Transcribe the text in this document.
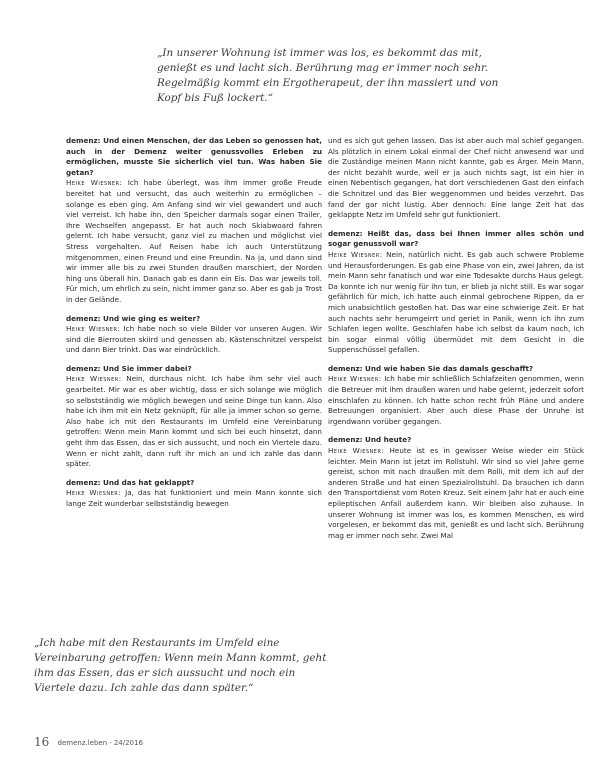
„In unserer Wohnung ist immer was los, es bekommt das mit, genießt es und lacht sich. Berührung mag er immer noch sehr. Regelmäßig kommt ein Ergotherapeut, der ihn massiert und von Kopf bis Fuß lockert.“

demenz: Und einen Menschen, der das Leben so genossen hat, auch in der Demenz weiter genussvolles Erleben zu ermöglichen, musste Sie sicherlich viel tun. Was haben Sie getan?

Heike Wiesner: Ich habe überlegt, was ihm immer große Freude bereitet hat und versucht, das auch weiterhin zu ermöglichen – solange es eben ging. Am Anfang sind wir viel gewandert und auch viel verreist. Ich habe ihn, den Speicher darmals sogar einen Trailer, Ihre Wechselfen angepasst. Er hat auch noch Skiabwoard fahren gelernt. Ich habe versucht, ganz viel zu machen und möglichst viel Stress vorgehalten. Auf Reisen habe ich auch Unterstützung mitgenommen, einen Freund und eine Freundin. Na ja, und dann sind wir immer alle bis zu zwei Stunden draußen marschiert, der Norden hing uns überall hin. Danach gab es dann ein Eis. Das war jeweils toll. Für mich, um ehrlich zu sein, nicht immer ganz so. Aber es gab ja Trost in der Gelände.

demenz: Und wie ging es weiter?

Heike Wiesner: Ich habe noch so viele Bilder vor unseren Augen. Wir sind die Bierrouten skiird und genossen ab. Kästenschnitzel verspeist und dann Bier trinkt. Das war eindrücklich.

demenz: Und Sie immer dabei?

Heike Wiesner: Nein, durchaus nicht. Ich habe ihm sehr viel auch gearbeitet. Mir war es aber wichtig, dass er sich solange wie möglich so selbstständig wie möglich bewegen und seine Dinge tun kann. Also habe ich ihm mit ein Netz geknüpft, für alle ja immer schon so gerne. Also habe ich mit den Restaurants im Umfeld eine Vereinbarung getroffen: Wenn mein Mann kommt und sich bei euch hinsetzt, dann geht ihm das Essen, das er sich aussucht, und noch ein Viertele dazu. Wenn er nicht zahlt, dann ruft ihr mich an und ich zahle das dann später.

demenz: Und das hat geklappt?

Heike Wiesner: Ja, das hat funktioniert und mein Mann konnte sich lange Zeit wunderbar selbstständig bewegen

und es sich gut gehen lassen. Das ist aber auch mal schief gegangen. Als plötzlich in einem Lokal einmal der Chef nicht anwesend war und die Zuständige meinen Mann nicht kannte, gab es Ärger. Mein Mann, der nicht bezahlt wurde, weil er ja auch nichts sagt, ist ein hier in einen Nebentisch gegangen, hat dort verschiedenen Gast den einfach die Schnitzel und das Bier weggenommen und beides verzehrt. Das fand der gar nicht lustig. Aber dennoch: Eine lange Zeit hat das geklappte Netz im Umfeld sehr gut funktioniert.

demenz: Heißt das, dass bei Ihnen immer alles schön und sogar genussvoll war?

Heike Wiesner: Nein, natürlich nicht. Es gab auch schwere Probleme und Herausforderungen. Es gab eine Phase von ein, zwei Jahren, da ist mein Mann sehr fanatisch und war eine Todesakte durchs Haus gelegt. Da konnte ich nur wenig für ihn tun, er blieb ja nicht still. Es war sogar gefährlich für mich, ich hatte auch einmal gebrochene Rippen, da er mich unabsichtlich gestoßen hat. Das war eine schwierige Zeit. Er hat auch nachts sehr herumgeirrt und geriet in Panik, wenn ich ihn zum Schlafen legen wollte. Geschlafen habe ich selbst da kaum noch, ich bin sogar einmal völlig übermüdet mit dem Gesicht in die Suppenschüssel gefallen.

demenz: Und wie haben Sie das damals geschafft?

Heike Wiesner: Ich habe mir schließlich Schlafzeiten genommen, wenn die Betreuer mit ihm draußen waren und habe gelernt, jederzeit sofort einschlafen zu können. Ich hatte schon recht früh Pläne und andere Betreuungen organisiert. Aber auch diese Phase der Unruhe ist irgendwann vorüber gegangen.

demenz: Und heute?

Heike Wiesner: Heute ist es in gewisser Weise wieder ein Stück leichter. Mein Mann ist jetzt im Rollstuhl. Wir sind so viel Jahre gerne gereist, schon mit nach draußen mit dem Rolli, mit dem ich auf der anderen Straße und hat einen Spezialrollstuhl. Da brauchen ich dann den Transportdienst vom Roten Kreuz. Seit einem Jahr hat er auch eine epileptischen Anfall außerdem kann. Wir bleiben also zuhause. In unserer Wohnung ist immer was los, es kommen Menschen, es wird vorgelesen, er bekommt das mit, genießt es und lacht sich. Berührung mag er immer noch sehr. Zwei Mal

„Ich habe mit den Restaurants im Umfeld eine Vereinbarung getroffen: Wenn mein Mann kommt, geht ihm das Essen, das er sich aussucht und noch ein Viertele dazu. Ich zahle das dann später.“
16 demenz.leben · 24/2016
